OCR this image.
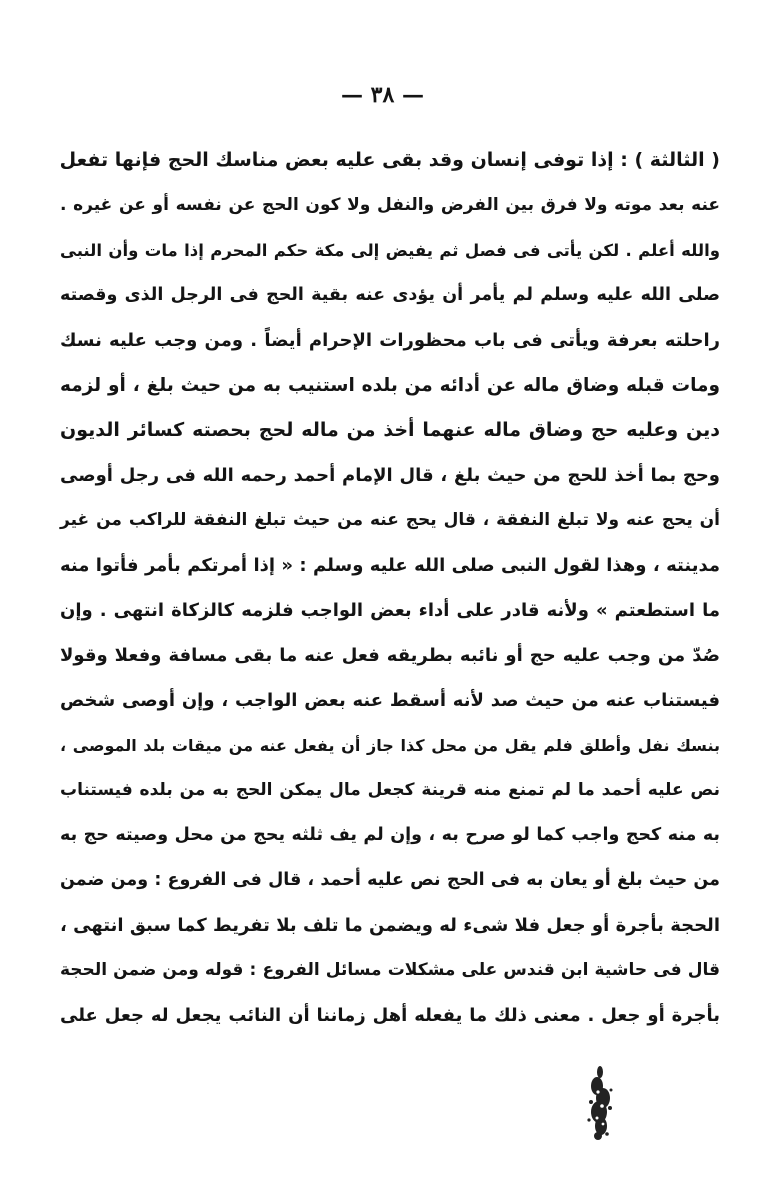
— ٣٨ —
( الثالثة ) : إذا توفى إنسان وقد بقى عليه بعض مناسك الحج فإنها تفعل
عنه بعد موته ولا فرق بين الفرض والنفل ولا كون الحج عن نفسه أو عن غيره .
والله أعلم . لكن يأتى فى فصل ثم يفيض إلى مكة حكم المحرم إذا مات وأن النبى
صلى الله عليه وسلم لم يأمر أن يؤدى عنه بقية الحج فى الرجل الذى وقصته
راحلته بعرفة ويأتى فى باب محظورات الإحرام أيضاً . ومن وجب عليه نسك
ومات قبله وضاق ماله عن أدائه من بلده استنيب به من حيث بلغ ، أو لزمه
دين وعليه حج وضاق ماله عنهما أخذ من ماله لحج بحصته كسائر الديون
وحج بما أخذ للحج من حيث بلغ ، قال الإمام أحمد رحمه الله فى رجل أوصى
أن يحج عنه ولا تبلغ النفقة ، قال يحج عنه من حيث تبلغ النفقة للراكب من غير
مدينته ، وهذا لقول النبى صلى الله عليه وسلم : « إذا أمرتكم بأمر فأتوا منه
ما استطعتم » ولأنه قادر على أداء بعض الواجب فلزمه كالزكاة انتهى . وإن
صُدّ من وجب عليه حج أو نائبه بطريقه فعل عنه ما بقى مسافة وفعلا وقولا
فيستناب عنه من حيث صد لأنه أسقط عنه بعض الواجب ، وإن أوصى شخص
بنسك نفل وأطلق فلم يقل من محل كذا جاز أن يفعل عنه من ميقات بلد الموصى ،
نص عليه أحمد ما لم تمنع منه قرينة كجعل مال يمكن الحج به من بلده فيستناب
به منه كحج واجب كما لو صرح به ، وإن لم يف ثلثه يحج من محل وصيته حج به
من حيث بلغ أو يعان به فى الحج نص عليه أحمد ، قال فى الفروع : ومن ضمن
الحجة بأجرة أو جعل فلا شىء له ويضمن ما تلف بلا تفريط كما سبق انتهى ،
قال فى حاشية ابن قندس على مشكلات مسائل الفروع : قوله ومن ضمن الحجة
بأجرة أو جعل . معنى ذلك ما يفعله أهل زماننا أن النائب يجعل له جعل على
